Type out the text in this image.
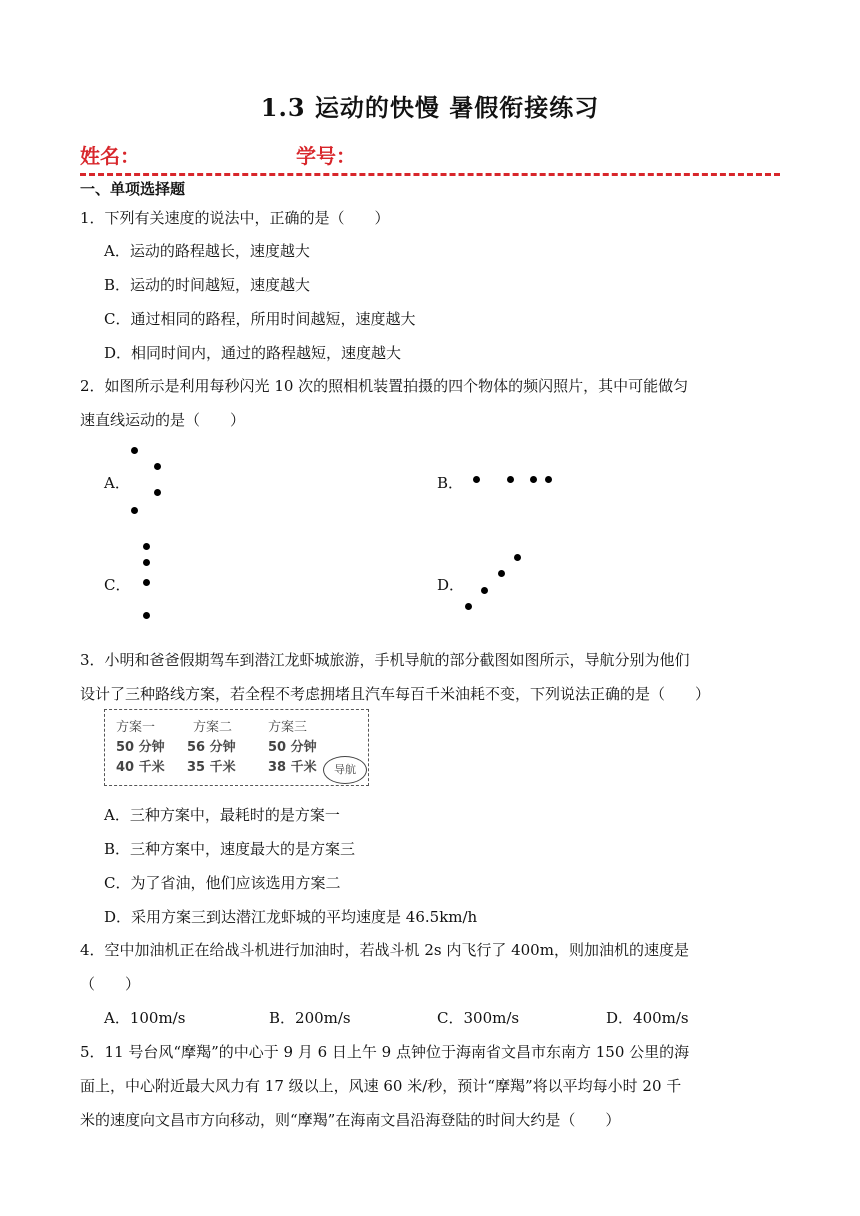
1.3 运动的快慢 暑假衔接练习
姓名：	学号：
一、单项选择题
1．下列有关速度的说法中，正确的是（　　）
A．运动的路程越长，速度越大
B．运动的时间越短，速度越大
C．通过相同的路程，所用时间越短，速度越大
D．相同时间内，通过的路程越短，速度越大
2．如图所示是利用每秒闪光 10 次的照相机装置拍摄的四个物体的频闪照片，其中可能做匀
速直线运动的是（　　）
A．	B．
C．	D．
3．小明和爸爸假期驾车到潜江龙虾城旅游，手机导航的部分截图如图所示，导航分别为他们
设计了三种路线方案，若全程不考虑拥堵且汽车每百千米油耗不变，下列说法正确的是（　　）
方案一	方案二	方案三
50 分钟 56 分钟 50 分钟
40 千米 35 千米 38 千米	导航
A．三种方案中，最耗时的是方案一
B．三种方案中，速度最大的是方案三
C．为了省油，他们应该选用方案二
D．采用方案三到达潜江龙虾城的平均速度是 46.5km/h
4．空中加油机正在给战斗机进行加油时，若战斗机 2s 内飞行了 400m，则加油机的速度是
（　　）
A．100m/s	B．200m/s	C．300m/s	D．400m/s
5．11 号台风“摩羯”的中心于 9 月 6 日上午 9 点钟位于海南省文昌市东南方 150 公里的海
面上，中心附近最大风力有 17 级以上，风速 60 米/秒，预计“摩羯”将以平均每小时 20 千
米的速度向文昌市方向移动，则“摩羯”在海南文昌沿海登陆的时间大约是（　　）
